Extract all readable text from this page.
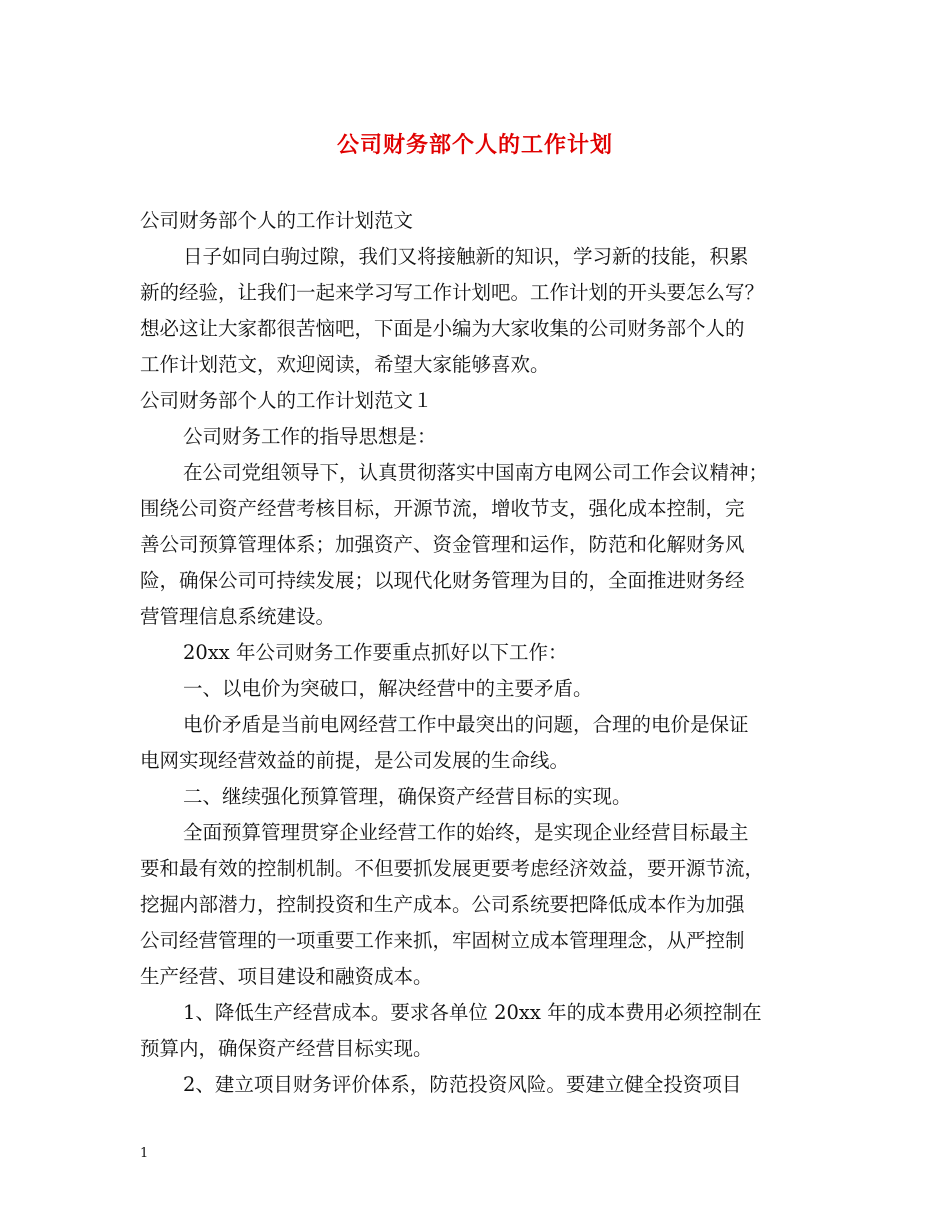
公司财务部个人的工作计划
公司财务部个人的工作计划范文
日子如同白驹过隙，我们又将接触新的知识，学习新的技能，积累
新的经验，让我们一起来学习写工作计划吧。工作计划的开头要怎么写？
想必这让大家都很苦恼吧，下面是小编为大家收集的公司财务部个人的
工作计划范文，欢迎阅读，希望大家能够喜欢。
公司财务部个人的工作计划范文１
公司财务工作的指导思想是：
在公司党组领导下，认真贯彻落实中国南方电网公司工作会议精神；
围绕公司资产经营考核目标，开源节流，增收节支，强化成本控制，完
善公司预算管理体系；加强资产、资金管理和运作，防范和化解财务风
险，确保公司可持续发展；以现代化财务管理为目的，全面推进财务经
营管理信息系统建设。
20xx 年公司财务工作要重点抓好以下工作：
一、以电价为突破口，解决经营中的主要矛盾。
电价矛盾是当前电网经营工作中最突出的问题，合理的电价是保证
电网实现经营效益的前提，是公司发展的生命线。
二、继续强化预算管理，确保资产经营目标的实现。
全面预算管理贯穿企业经营工作的始终，是实现企业经营目标最主
要和最有效的控制机制。不但要抓发展更要考虑经济效益，要开源节流，
挖掘内部潜力，控制投资和生产成本。公司系统要把降低成本作为加强
公司经营管理的一项重要工作来抓，牢固树立成本管理理念，从严控制
生产经营、项目建设和融资成本。
1、降低生产经营成本。要求各单位 20xx 年的成本费用必须控制在
预算内，确保资产经营目标实现。
2、建立项目财务评价体系，防范投资风险。要建立健全投资项目
1
